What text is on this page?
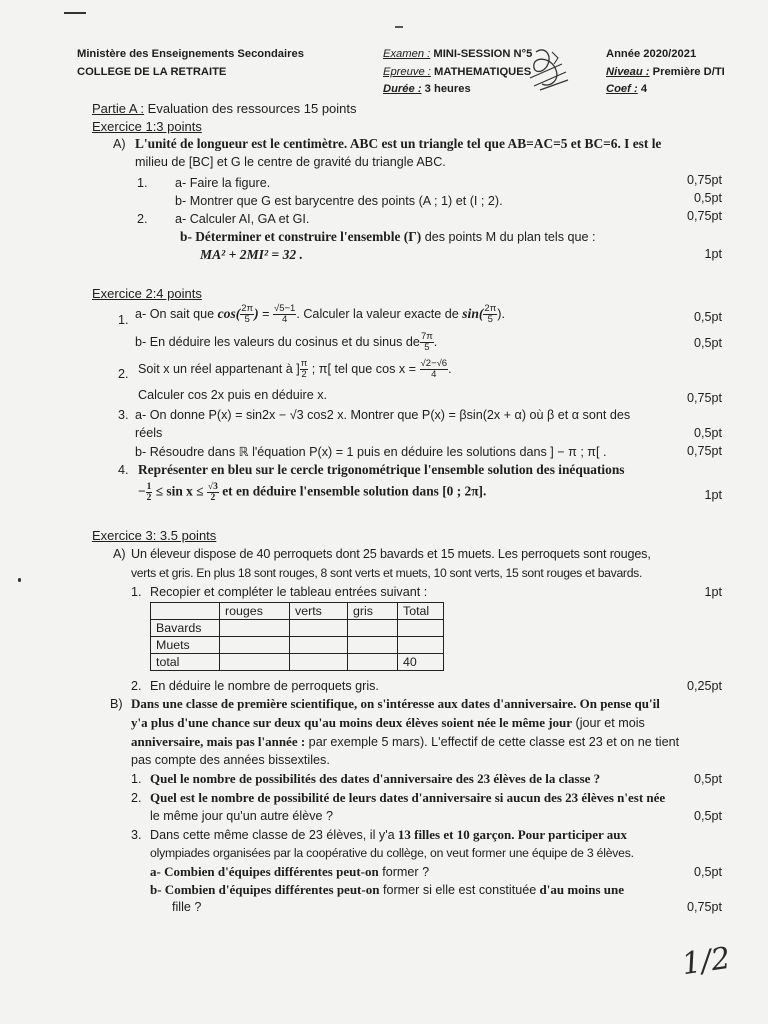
Ministère des Enseignements Secondaires
COLLEGE DE LA RETRAITE
Examen : MINI-SESSION N°5
Epreuve : MATHEMATIQUES
Durée : 3 heures
Année 2020/2021
Niveau : Première D/TI
Coef : 4
Partie A : Evaluation des ressources 15 points
Exercice 1:3 points
A) L'unité de longueur est le centimètre. ABC est un triangle tel que AB=AC=5 et BC=6. I est le
milieu de [BC] et G le centre de gravité du triangle ABC.
1. a- Faire la figure.	0,75pt
b- Montrer que G est barycentre des points (A ; 1) et (I ; 2).	0,5pt
2. a- Calculer AI, GA et GI.	0,75pt
b- Déterminer et construire l'ensemble (Γ) des points M du plan tels que :
MA² + 2MI² = 32 .	1pt
Exercice 2:4 points
1. a- On sait que $\cos( \frac{2\pi}{5}$ ) = $\frac{√5-1}{4}$ . Calculer la valeur exacte de $\sin( \frac{2\pi}{5}$ ).	0,5pt
b- En déduire les valeurs du cosinus et du sinus de $\frac{7\pi}{5}$ .	0,5pt
2. Soit x un réel appartenant à ] $\frac{\pi}{2}$ ; π[ tel que $\cos x = \frac{√2-√6}{4}$ .
Calculer cos 2x puis en déduire x.	0,75pt
3. a- On donne P(x) = sin2x − √3 cos2 x. Montrer que P(x) = βsin(2x + α) où β et α sont des
réels	0,5pt
b- Résoudre dans ℝ l'équation P(x) = 1 puis en déduire les solutions dans ] − π ; π[ .	0,75pt
4. Représenter en bleu sur le cercle trigonométrique l'ensemble solution des inéquations
− $\frac{1}{2} \le \sin x \le \frac{√3}{2}$ et en déduire l'ensemble solution dans [0 ; 2π].	1pt
Exercice 3: 3.5 points
A) Un éleveur dispose de 40 perroquets dont 25 bavards et 15 muets. Les perroquets sont rouges,
verts et gris. En plus 18 sont rouges, 8 sont verts et muets, 10 sont verts, 15 sont rouges et bavards.
1. Recopier et compléter le tableau entrées suivant :	1pt
	rouges	verts	gris	Total
Bavards				
Muets				
total				40
2. En déduire le nombre de perroquets gris.	0,25pt
B) Dans une classe de première scientifique, on s'intéresse aux dates d'anniversaire. On pense qu'il
y'a plus d'une chance sur deux qu'au moins deux élèves soient née le même jour (jour et mois
anniversaire, mais pas l'année : par exemple 5 mars). L'effectif de cette classe est 23 et on ne tient
pas compte des années bissextiles.
1. Quel le nombre de possibilités des dates d'anniversaire des 23 élèves de la classe ?	0,5pt
2. Quel est le nombre de possibilité de leurs dates d'anniversaire si aucun des 23 élèves n'est née
le même jour qu'un autre élève ?	0,5pt
3. Dans cette même classe de 23 élèves, il y'a 13 filles et 10 garçon. Pour participer aux
olympiades organisées par la coopérative du collège, on veut former une équipe de 3 élèves.
a- Combien d'équipes différentes peut-on former ?	0,5pt
b- Combien d'équipes différentes peut-on former si elle est constituée d'au moins une
fille ?	0,75pt
1/2
